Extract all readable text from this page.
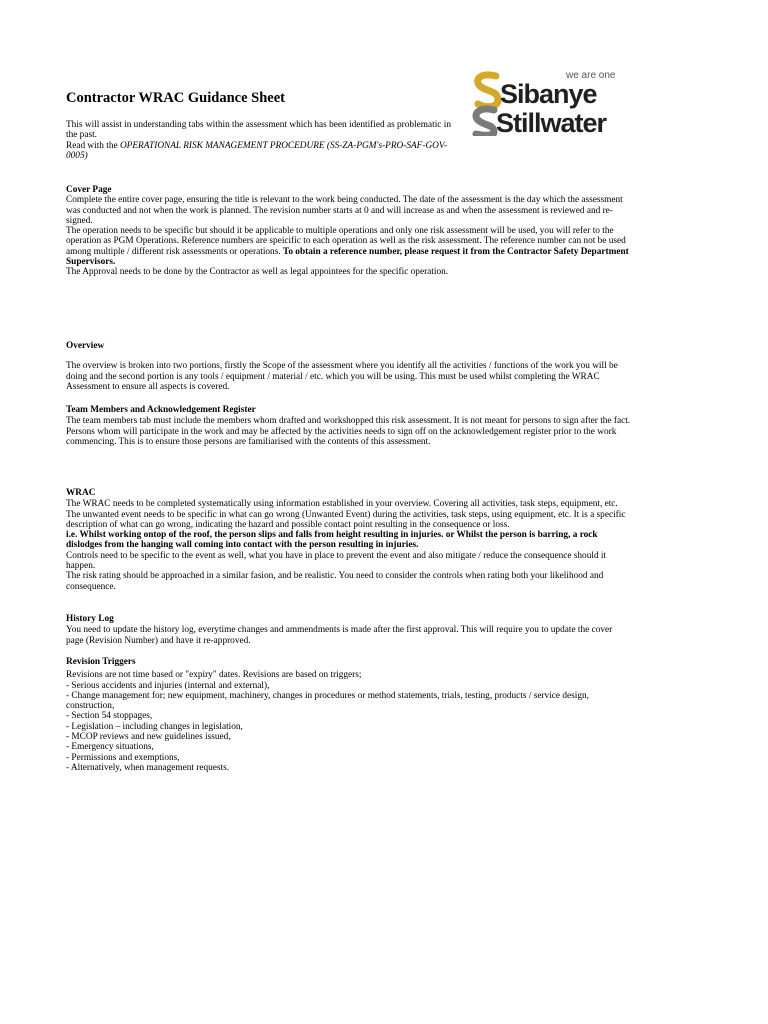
Contractor WRAC Guidance Sheet
we are one
Sibanye
Stillwater
This will assist in understanding tabs within the assessment which has been identified as problematic in the past.
Read with the OPERATIONAL RISK MANAGEMENT PROCEDURE (SS-ZA-PGM's-PRO-SAF-GOV-0005)

Cover Page

Complete the entire cover page, ensuring the title is relevant to the work being conducted. The date of the assessment is the day which the assessment was conducted and not when the work is planned. The revision number starts at 0 and will increase as and when the assessment is reviewed and re-signed.

The operation needs to be specific but should it be applicable to multiple operations and only one risk assessment will be used, you will refer to the operation as PGM Operations. Reference numbers are speicific to each operation as well as the risk assessment. The reference number can not be used among multiple / different risk assessments or operations. To obtain a reference number, please request it from the Contractor Safety Department Supervisors.

The Approval needs to be done by the Contractor as well as legal appointees for the specific operation.

Overview

The overview is broken into two portions, firstly the Scope of the assessment where you identify all the activities / functions of the work you will be doing and the second portion is any tools / equipment / material / etc. which you will be using. This must be used whilst completing the WRAC Assessment to ensure all aspects is covered.

Team Members and Acknowledgement Register

The team members tab must include the members whom drafted and workshopped this risk assessment. It is not meant for persons to sign after the fact.

Persons whom will participate in the work and may be affected by the activities needs to sign off on the acknowledgement register prior to the work commencing. This is to ensure those persons are familiarised with the contents of this assessment.

WRAC

The WRAC needs to be completed systematically using information established in your overview. Covering all activities, task steps, equipment, etc. The unwanted event needs to be specific in what can go wrong (Unwanted Event) during the activities, task steps, using equipment, etc. It is a specific description of what can go wrong, indicating the hazard and possible contact point resulting in the consequence or loss.

i.e. Whilst working ontop of the roof, the person slips and falls from height resulting in injuries. or Whilst the person is barring, a rock dislodges from the hanging wall coming into contact with the person resulting in injuries.

Controls need to be specific to the event as well, what you have in place to prevent the event and also mitigate / reduce the consequence should it happen.

The risk rating should be approached in a similar fasion, and be realistic. You need to consider the controls when rating both your likelihood and consequence.

History Log

You need to update the history log, everytime changes and ammendments is made after the first approval. This will require you to update the cover page (Revision Number) and have it re-approved.

Revision Triggers

Revisions are not time based or "expiry" dates. Revisions are based on triggers;

- Serious accidents and injuries (internal and external),
- Change management for; new equipment, machinery, changes in procedures or method statements, trials, testing, products / service design, construction,
- Section 54 stoppages,
- Legislation – including changes in legislation,
- MCOP reviews and new guidelines issued,
- Emergency situations,
- Permissions and exemptions,
- Alternatively, when management requests.
